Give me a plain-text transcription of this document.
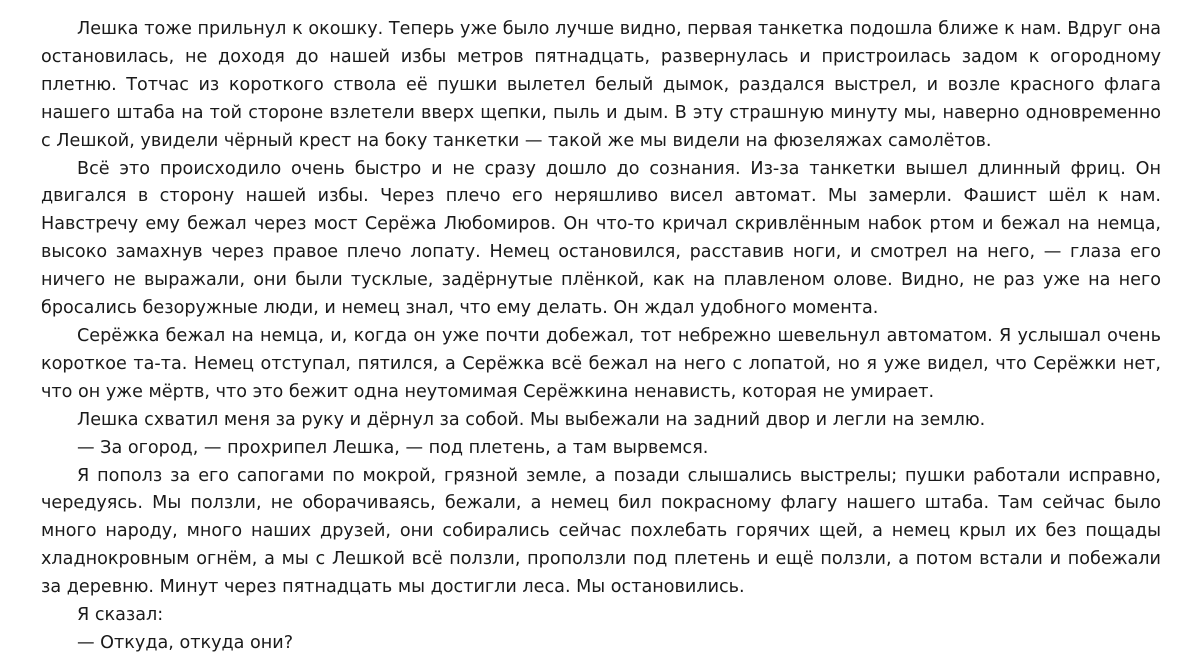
Лешка тоже прильнул к окошку. Теперь уже было лучше видно, первая танкетка подошла ближе к нам. Вдруг она остановилась, не доходя до нашей избы метров пятнадцать, развернулась и пристроилась задом к огородному плетню. Тотчас из короткого ствола её пушки вылетел белый дымок, раздался выстрел, и возле красного флага нашего штаба на той стороне взлетели вверх щепки, пыль и дым. В эту страшную минуту мы, наверно одновременно с Лешкой, увидели чёрный крест на боку танкетки — такой же мы видели на фюзеляжах самолётов.

Всё это происходило очень быстро и не сразу дошло до сознания. Из-за танкетки вышел длинный фриц. Он двигался в сторону нашей избы. Через плечо его неряшливо висел автомат. Мы замерли. Фашист шёл к нам. Навстречу ему бежал через мост Серёжа Любомиров. Он что-то кричал скривлённым набок ртом и бежал на немца, высоко замахнув через правое плечо лопату. Немец остановился, расставив ноги, и смотрел на него, — глаза его ничего не выражали, они были тусклые, задёрнутые плёнкой, как на плавленом олове. Видно, не раз уже на него бросались безоружные люди, и немец знал, что ему делать. Он ждал удобного момента.

Серёжка бежал на немца, и, когда он уже почти добежал, тот небрежно шевельнул автоматом. Я услышал очень короткое та-та. Немец отступал, пятился, а Серёжка всё бежал на него с лопатой, но я уже видел, что Серёжки нет, что он уже мёртв, что это бежит одна неутомимая Серёжкина ненависть, которая не умирает.

Лешка схватил меня за руку и дёрнул за собой. Мы выбежали на задний двор и легли на землю.

— За огород, — прохрипел Лешка, — под плетень, а там вырвемся.

Я пополз за его сапогами по мокрой, грязной земле, а позади слышались выстрелы; пушки работали исправно, чередуясь. Мы ползли, не оборачиваясь, бежали, а немец бил покрасному флагу нашего штаба. Там сейчас было много народу, много наших друзей, они собирались сейчас похлебать горячих щей, а немец крыл их без пощады хладнокровным огнём, а мы с Лешкой всё ползли, проползли под плетень и ещё ползли, а потом встали и побежали за деревню. Минут через пятнадцать мы достигли леса. Мы остановились.

Я сказал:

— Откуда, откуда они?
